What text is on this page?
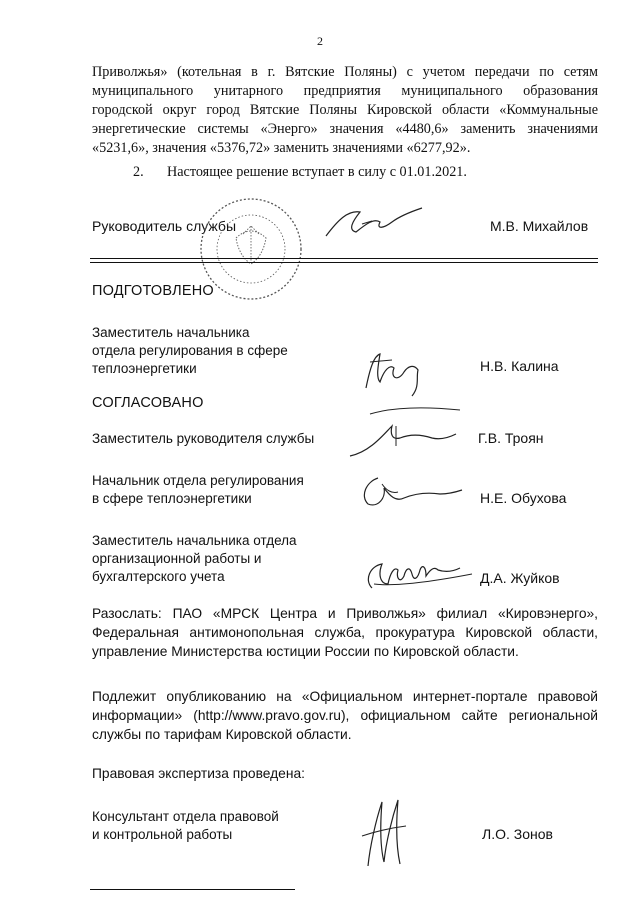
2
Приволжья» (котельная в г. Вятские Поляны) с учетом передачи по сетям
муниципального унитарного предприятия муниципального образования
городской округ город Вятские Поляны Кировской области «Коммунальные
энергетические системы «Энерго» значения «4480,6» заменить значениями
«5231,6», значения «5376,72» заменить значениями «6277,92».
2. Настоящее решение вступает в силу с 01.01.2021.
Руководитель службы	М.В. Михайлов
ПОДГОТОВЛЕНО
Заместитель начальника
отдела регулирования в сфере
теплоэнергетики	Н.В. Калина
СОГЛАСОВАНО
Заместитель руководителя службы	Г.В. Троян
Начальник отдела регулирования
в сфере теплоэнергетики	Н.Е. Обухова
Заместитель начальника отдела
организационной работы и
бухгалтерского учета	Д.А. Жуйков
Разослать: ПАО «МРСК Центра и Приволжья» филиал «Кировэнерго»,
Федеральная антимонопольная служба, прокуратура Кировской области,
управление Министерства юстиции России по Кировской области.
Подлежит опубликованию на «Официальном интернет-портале правовой
информации» (http://www.pravo.gov.ru), официальном сайте региональной
службы по тарифам Кировской области.
Правовая экспертиза проведена:
Консультант отдела правовой
и контрольной работы	Л.О. Зонов
